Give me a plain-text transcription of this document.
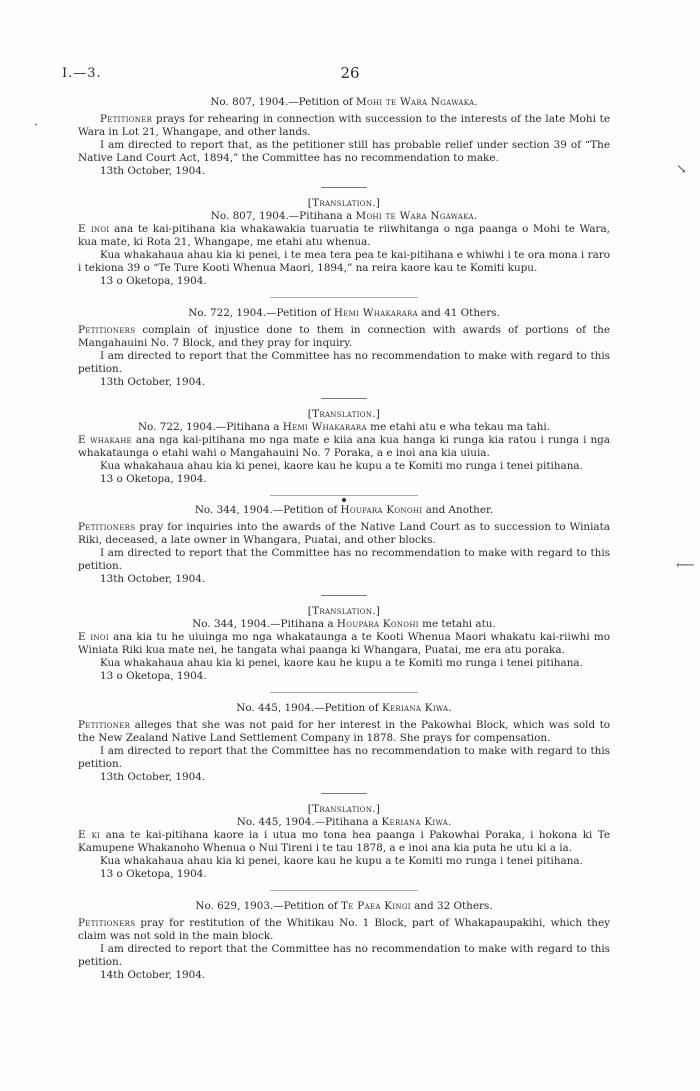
I.—3.	26
·
↘
⟵

No. 807, 1904.—Petition of Mohi te Wara Ngawaka.

Petitioner prays for rehearing in connection with succession to the interests of the late Mohi te Wara in Lot 21, Whangape, and other lands.

I am directed to report that, as the petitioner still has probable relief under section 39 of “The Native Land Court Act, 1894,” the Committee has no recommendation to make.

13th October, 1904.

[Translation.]

No. 807, 1904.—Pitihana a Mohi te Wara Ngawaka.

E inoi ana te kai-pitihana kia whakawakia tuaruatia te riiwhitanga o nga paanga o Mohi te Wara, kua mate, ki Rota 21, Whangape, me etahi atu whenua.

Kua whakahaua ahau kia ki penei, i te mea tera pea te kai-pitihana e whiwhi i te ora mona i raro i tekiona 39 o “Te Ture Kooti Whenua Maori, 1894,” na reira kaore kau te Komiti kupu.

13 o Oketopa, 1904.

No. 722, 1904.—Petition of Hemi Whakarara and 41 Others.

Petitioners complain of injustice done to them in connection with awards of portions of the Mangahauini No. 7 Block, and they pray for inquiry.

I am directed to report that the Committee has no recommendation to make with regard to this petition.

13th October, 1904.

[Translation.]

No. 722, 1904.—Pitihana a Hemi Whakarara me etahi atu e wha tekau ma tahi.

E whakahe ana nga kai-pitihana mo nga mate e kiia ana kua hanga ki runga kia ratou i runga i nga whakataunga o etahi wahi o Mangahauini No. 7 Poraka, a e inoi ana kia uiuia.

Kua whakahaua ahau kia ki penei, kaore kau he kupu a te Komiti mo runga i tenei pitihana.

13 o Oketopa, 1904.

No. 344, 1904.—Petition of Houpara Konohi and Another.

Petitioners pray for inquiries into the awards of the Native Land Court as to succession to Winiata Riki, deceased, a late owner in Whangara, Puatai, and other blocks.

I am directed to report that the Committee has no recommendation to make with regard to this petition.

13th October, 1904.

[Translation.]

No. 344, 1904.—Pitihana a Houpara Konohi me tetahi atu.

E inoi ana kia tu he uiuinga mo nga whakataunga a te Kooti Whenua Maori whakatu kai-riiwhi mo Winiata Riki kua mate nei, he tangata whai paanga ki Whangara, Puatai, me era atu poraka.

Kua whakahaua ahau kia ki penei, kaore kau he kupu a te Komiti mo runga i tenei pitihana.

13 o Oketopa, 1904.

No. 445, 1904.—Petition of Keriana Kiwa.

Petitioner alleges that she was not paid for her interest in the Pakowhai Block, which was sold to the New Zealand Native Land Settlement Company in 1878. She prays for compensation.

I am directed to report that the Committee has no recommendation to make with regard to this petition.

13th October, 1904.

[Translation.]

No. 445, 1904.—Pitihana a Keriana Kiwa.

E ki ana te kai-pitihana kaore ia i utua mo tona hea paanga i Pakowhai Poraka, i hokona ki Te Kamupene Whakanoho Whenua o Nui Tireni i te tau 1878, a e inoi ana kia puta he utu ki a ia.

Kua whakahaua ahau kia ki penei, kaore kau he kupu a te Komiti mo runga i tenei pitihana.

13 o Oketopa, 1904.

No. 629, 1903.—Petition of Te Paea Kingi and 32 Others.

Petitioners pray for restitution of the Whitikau No. 1 Block, part of Whakapaupakihi, which they claim was not sold in the main block.

I am directed to report that the Committee has no recommendation to make with regard to this petition.

14th October, 1904.
